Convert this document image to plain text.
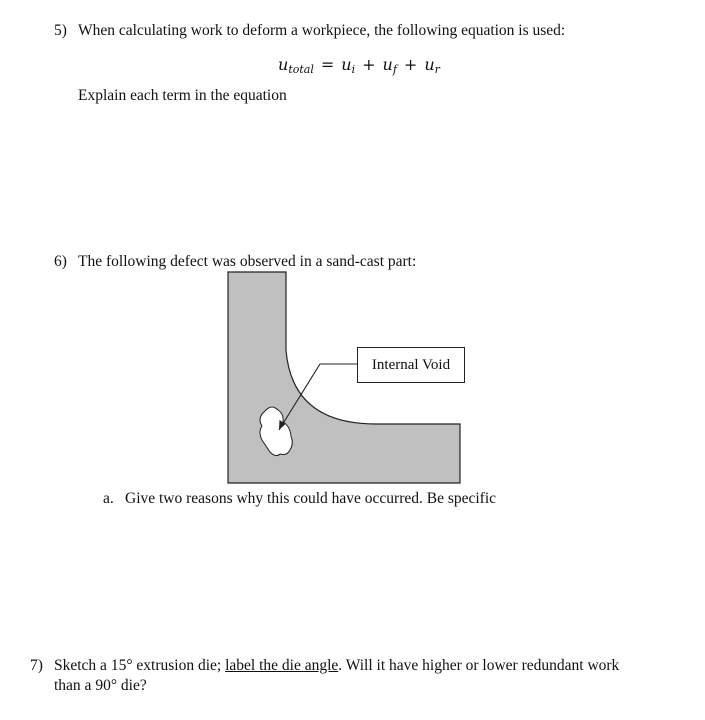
5) When calculating work to deform a workpiece, the following equation is used:
$u_{total} = u_i + u_f + u_r$
Explain each term in the equation
6) The following defect was observed in a sand-cast part:
Internal Void
a. Give two reasons why this could have occurred. Be specific
7) Sketch a 15° extrusion die; label the die angle. Will it have higher or lower redundant work
than a 90° die?
